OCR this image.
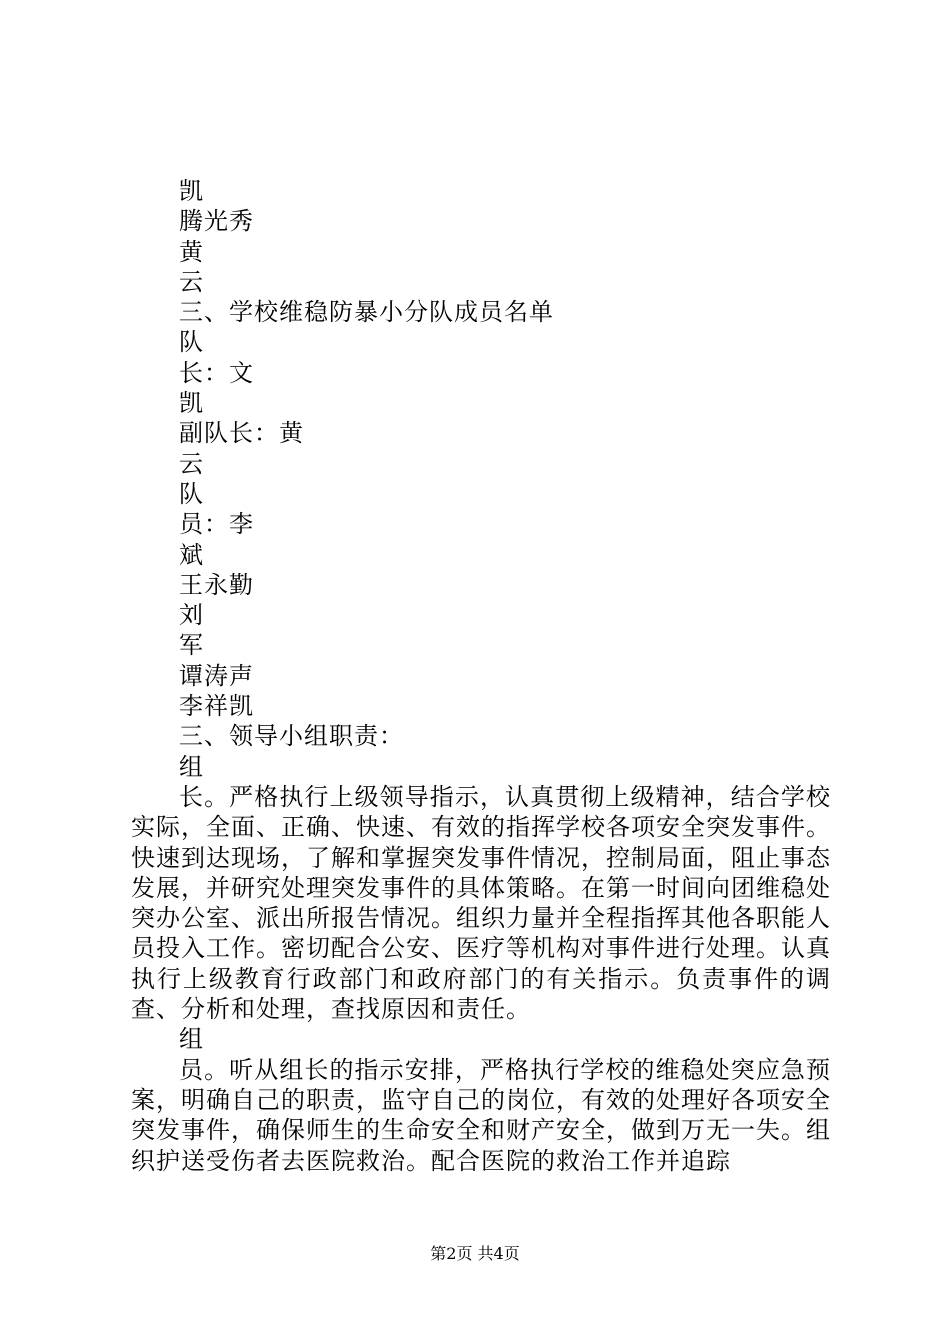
凯
腾光秀
黄
云
三、学校维稳防暴小分队成员名单
队
长：文
凯
副队长：黄
云
队
员：李
斌
王永勤
刘
军
谭涛声
李祥凯
三、领导小组职责：
组
长。严格执行上级领导指示，认真贯彻上级精神，结合学校实际，全面、正确、快速、有效的指挥学校各项安全突发事件。快速到达现场，了解和掌握突发事件情况，控制局面，阻止事态发展，并研究处理突发事件的具体策略。在第一时间向团维稳处突办公室、派出所报告情况。组织力量并全程指挥其他各职能人员投入工作。密切配合公安、医疗等机构对事件进行处理。认真执行上级教育行政部门和政府部门的有关指示。负责事件的调查、分析和处理，查找原因和责任。
组
员。听从组长的指示安排，严格执行学校的维稳处突应急预案，明确自己的职责，监守自己的岗位，有效的处理好各项安全突发事件，确保师生的生命安全和财产安全，做到万无一失。组织护送受伤者去医院救治。配合医院的救治工作并追踪
第2页 共4页
